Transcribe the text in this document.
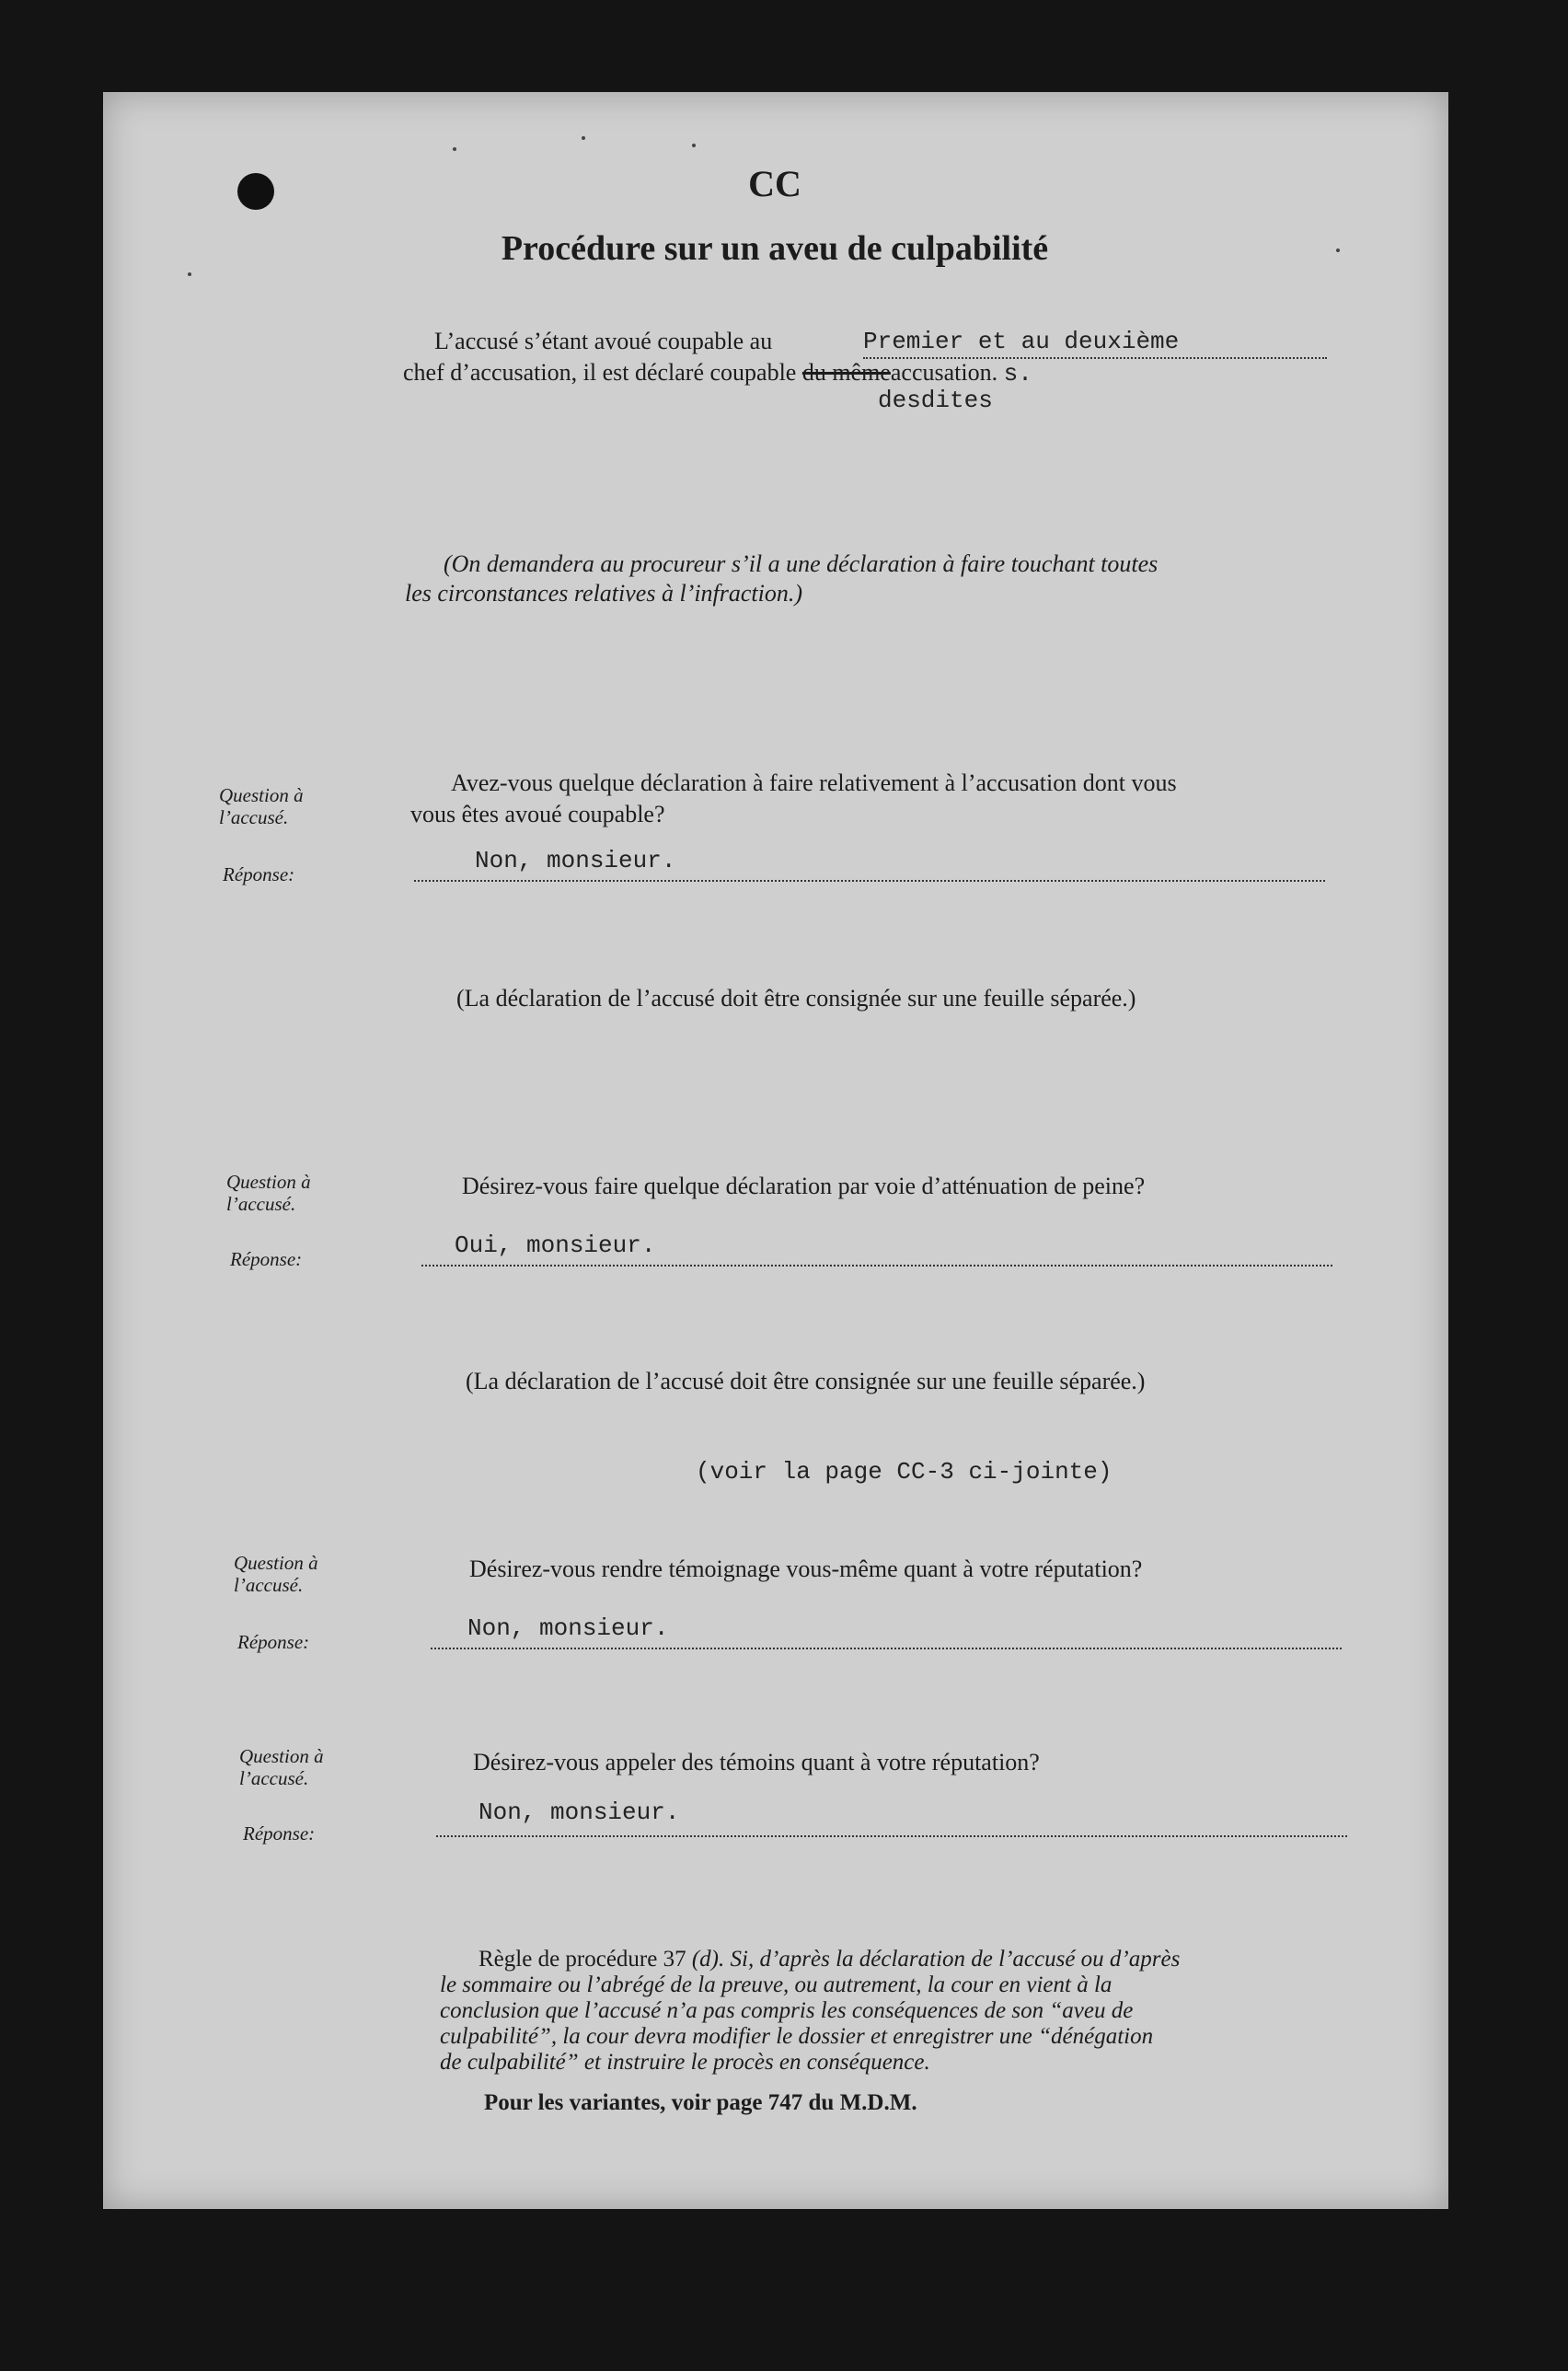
CC
Procédure sur un aveu de culpabilité
L’accusé s’étant avoué coupable au	Premier et au deuxième
chef d’accusation, il est déclaré coupable du mêmeaccusation. s.
desdites
(On demandera au procureur s’il a une déclaration à faire touchant toutes
les circonstances relatives à l’infraction.)
Question à
l’accusé.
Avez-vous quelque déclaration à faire relativement à l’accusation dont vous
vous êtes avoué coupable?
Réponse:	Non, monsieur.
(La déclaration de l’accusé doit être consignée sur une feuille séparée.)
Question à
l’accusé.
Désirez-vous faire quelque déclaration par voie d’atténuation de peine?
Réponse:	Oui, monsieur.
(La déclaration de l’accusé doit être consignée sur une feuille séparée.)
(voir la page CC-3 ci-jointe)
Question à
l’accusé.
Désirez-vous rendre témoignage vous-même quant à votre réputation?
Réponse:	Non, monsieur.
Question à
l’accusé.
Désirez-vous appeler des témoins quant à votre réputation?
Réponse:
Non, monsieur.
Règle de procédure 37 (d). Si, d’après la déclaration de l’accusé ou d’après
le sommaire ou l’abrégé de la preuve, ou autrement, la cour en vient à la
conclusion que l’accusé n’a pas compris les conséquences de son “aveu de
culpabilité”, la cour devra modifier le dossier et enregistrer une “dénégation
de culpabilité” et instruire le procès en conséquence.
Pour les variantes, voir page 747 du M.D.M.
